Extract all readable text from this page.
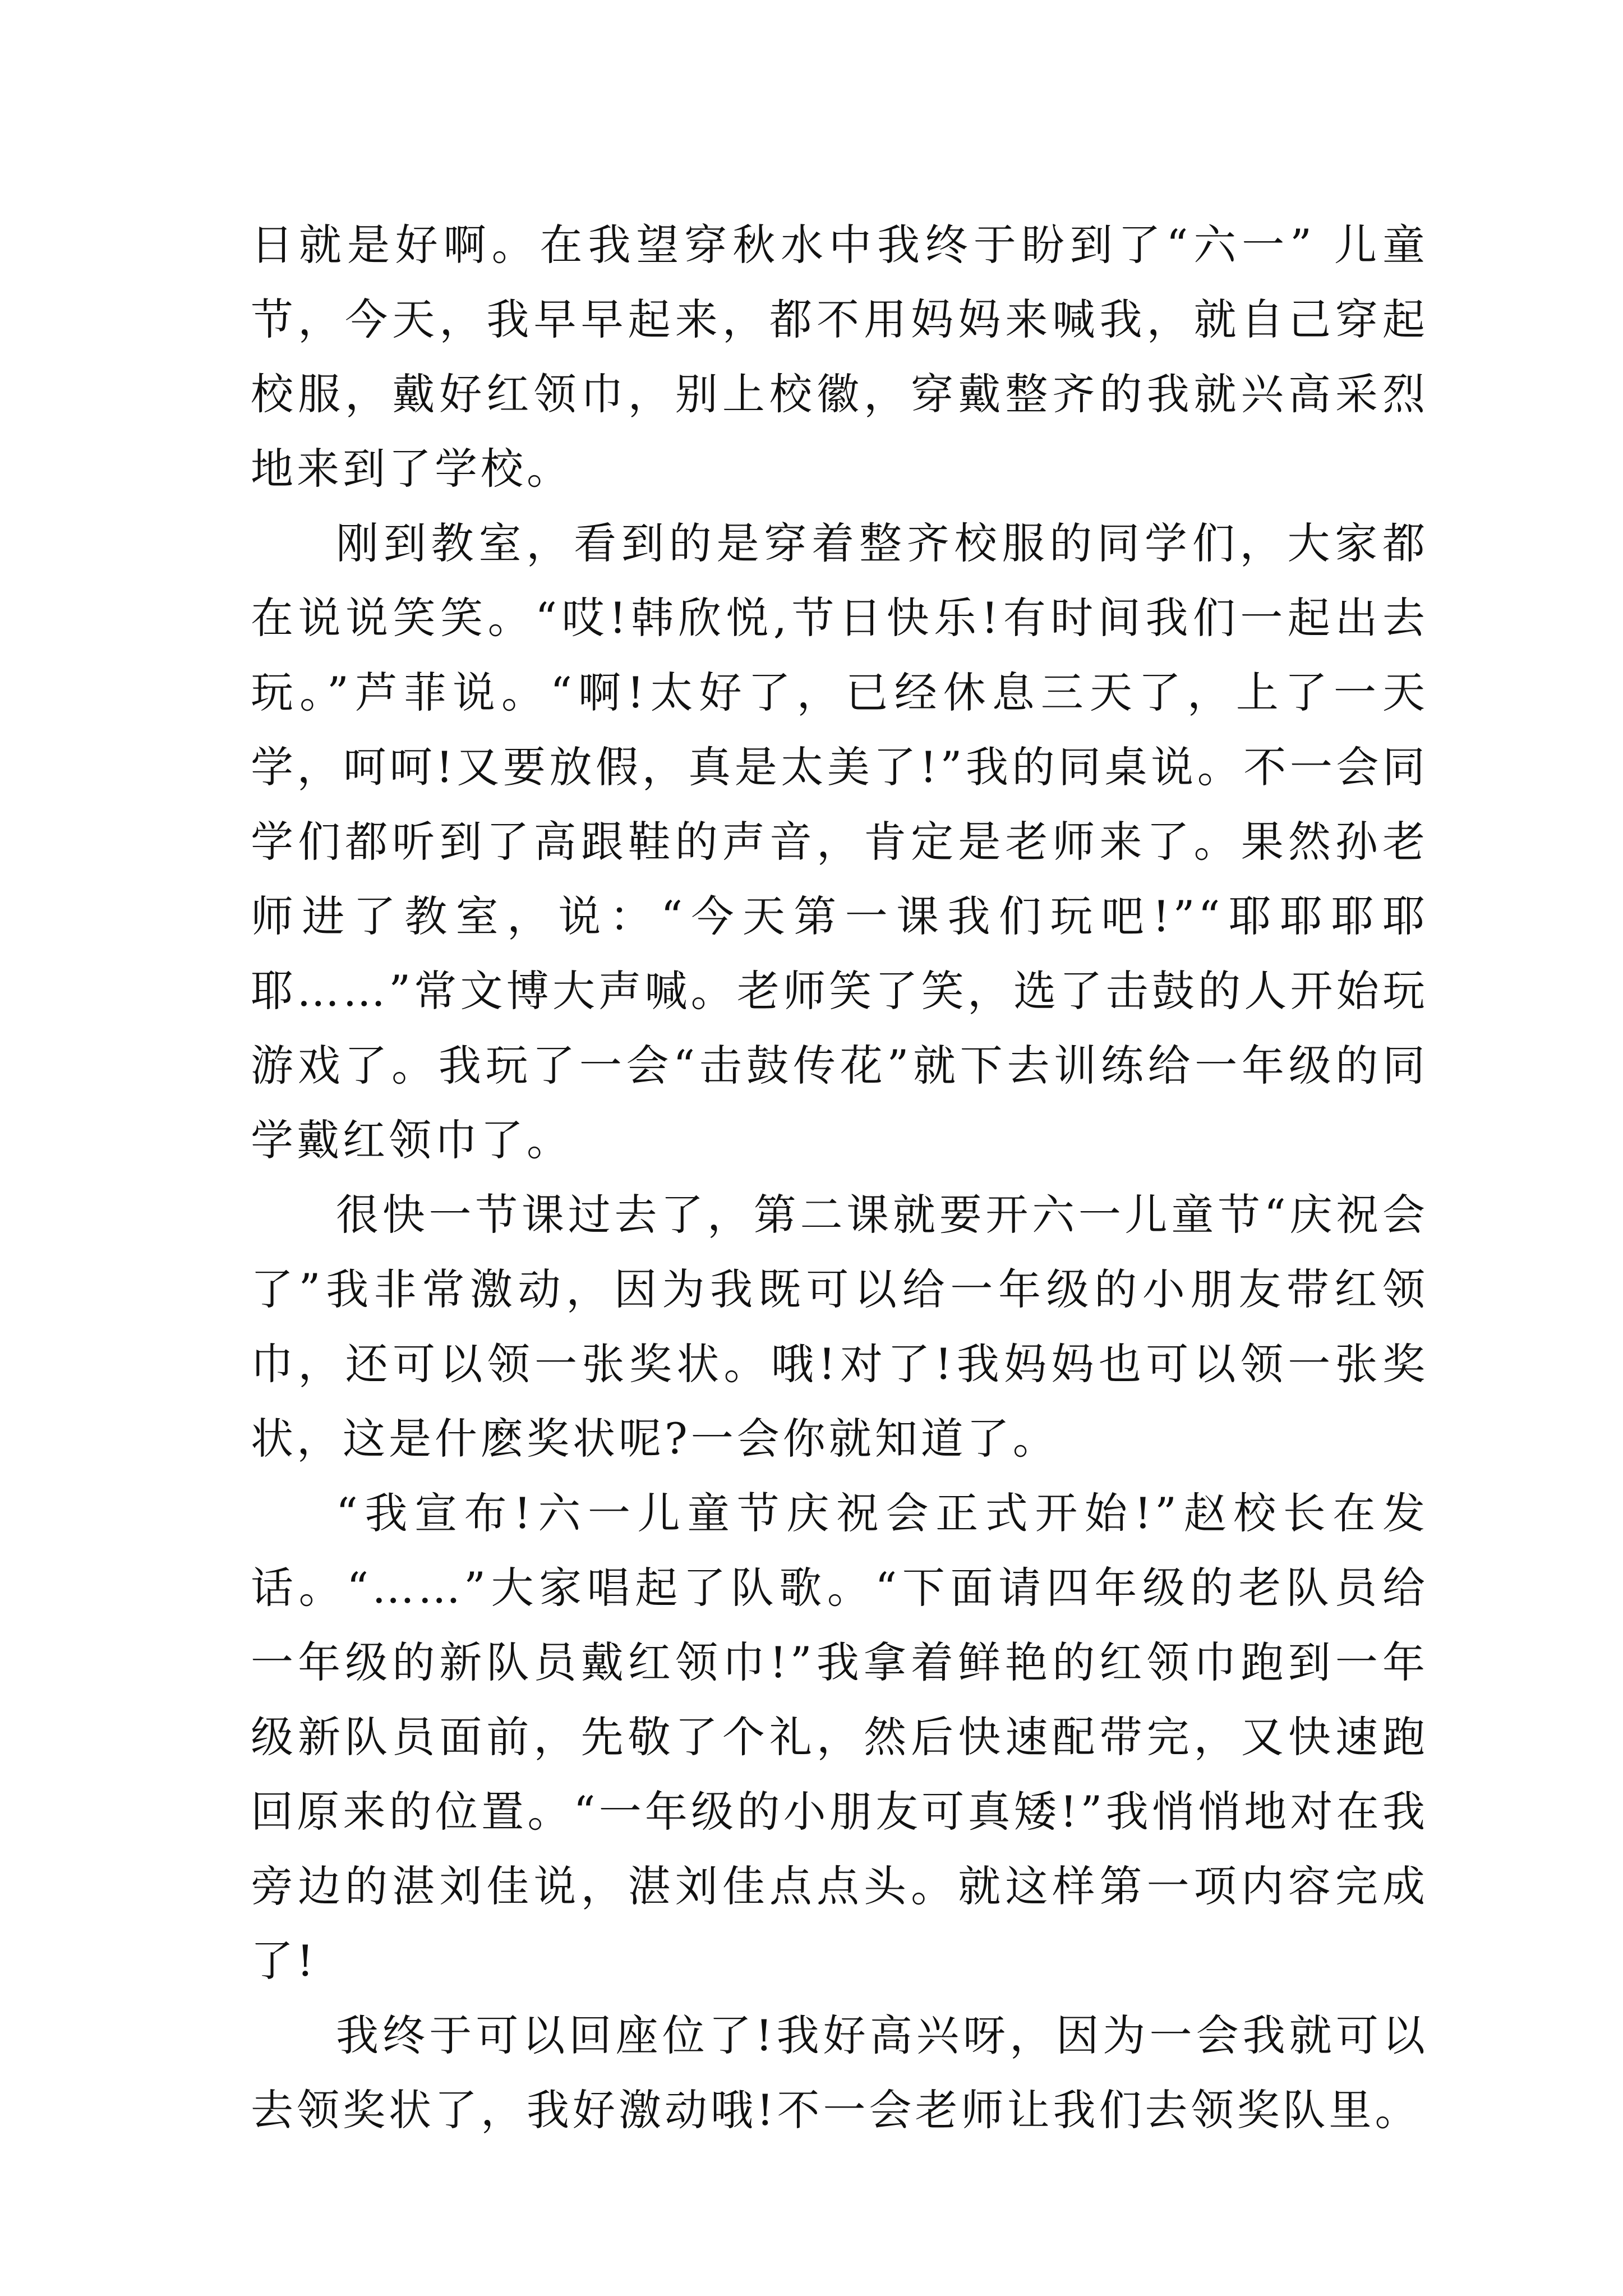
日就是好啊。在我望穿秋水中我终于盼到了“六一” 儿童节，今天，我早早起来，都不用妈妈来喊我，就自己穿起校服，戴好红领巾，别上校徽，穿戴整齐的我就兴高采烈地来到了学校。

刚到教室，看到的是穿着整齐校服的同学们，大家都在说说笑笑。“哎!韩欣悦,节日快乐!有时间我们一起出去玩。”芦菲说。“啊!太好了，已经休息三天了，上了一天学，呵呵!又要放假，真是太美了!”我的同桌说。不一会同学们都听到了高跟鞋的声音，肯定是老师来了。果然孙老师进了教室，说：“今天第一课我们玩吧!”“耶耶耶耶耶……”常文博大声喊。老师笑了笑，选了击鼓的人开始玩游戏了。我玩了一会“击鼓传花”就下去训练给一年级的同学戴红领巾了。

很快一节课过去了，第二课就要开六一儿童节“庆祝会了”我非常激动，因为我既可以给一年级的小朋友带红领巾，还可以领一张奖状。哦!对了!我妈妈也可以领一张奖状，这是什麽奖状呢?一会你就知道了。

“我宣布!六一儿童节庆祝会正式开始!”赵校长在发话。“……”大家唱起了队歌。“下面请四年级的老队员给一年级的新队员戴红领巾!”我拿着鲜艳的红领巾跑到一年级新队员面前，先敬了个礼，然后快速配带完，又快速跑回原来的位置。“一年级的小朋友可真矮!”我悄悄地对在我旁边的湛刘佳说，湛刘佳点点头。就这样第一项内容完成了!

我终于可以回座位了!我好高兴呀，因为一会我就可以去领奖状了，我好激动哦!不一会老师让我们去领奖队里。
